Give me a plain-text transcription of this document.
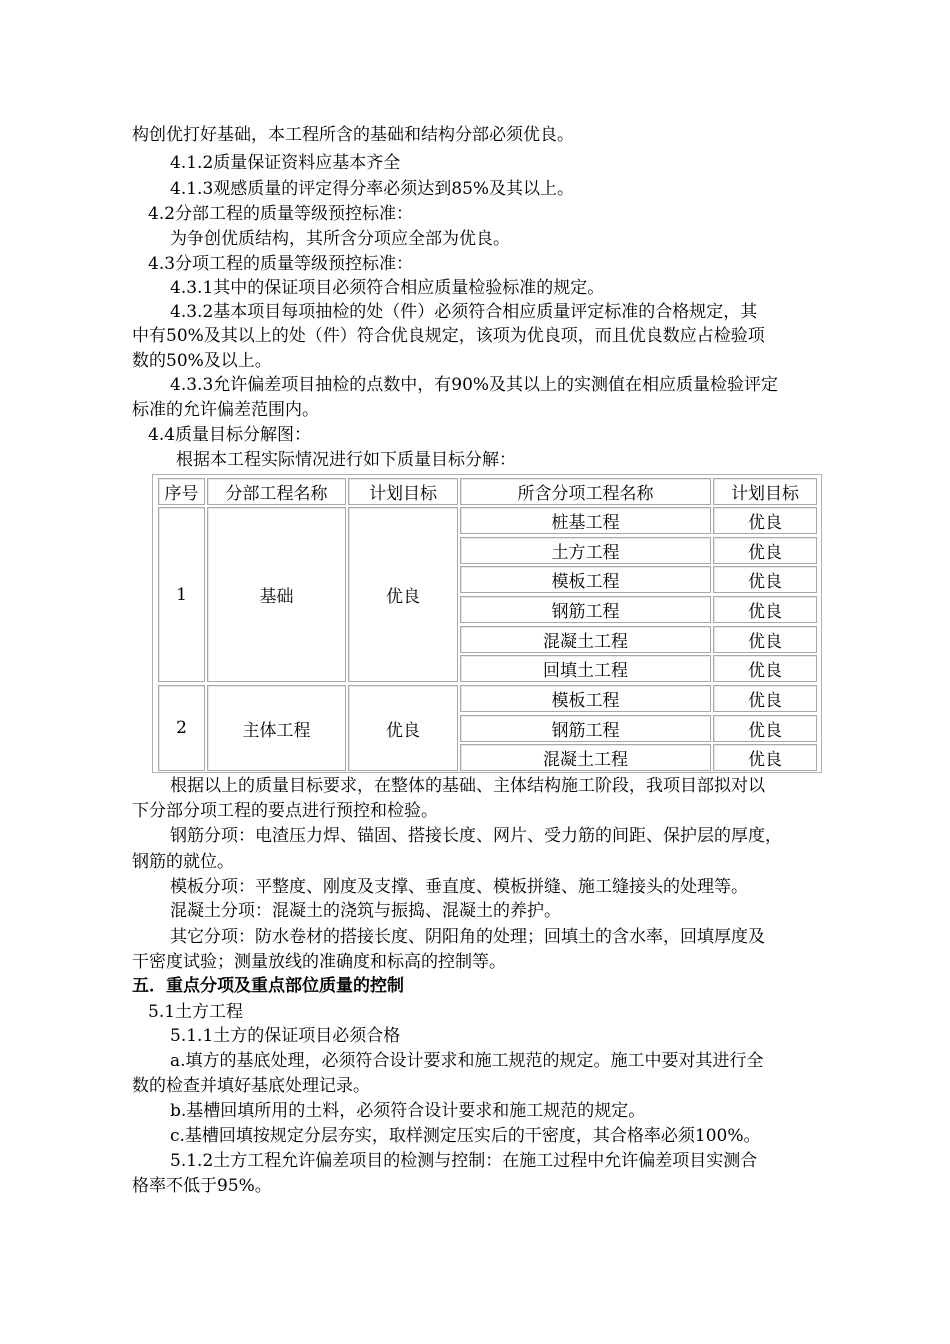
构创优打好基础，本工程所含的基础和结构分部必须优良。
4.1.2质量保证资料应基本齐全
4.1.3观感质量的评定得分率必须达到85%及其以上。
4.2分部工程的质量等级预控标准：
为争创优质结构，其所含分项应全部为优良。
4.3分项工程的质量等级预控标准：
4.3.1其中的保证项目必须符合相应质量检验标准的规定。
4.3.2基本项目每项抽检的处（件）必须符合相应质量评定标准的合格规定，其
中有50%及其以上的处（件）符合优良规定，该项为优良项，而且优良数应占检验项
数的50%及以上。
4.3.3允许偏差项目抽检的点数中，有90%及其以上的实测值在相应质量检验评定
标准的允许偏差范围内。
4.4质量目标分解图：
根据本工程实际情况进行如下质量目标分解：
序号	分部工程名称	计划目标	所含分项工程名称	计划目标
1	基础	优良
桩基工程	优良
土方工程	优良
模板工程	优良
钢筋工程	优良
混凝土工程	优良
回填土工程	优良
2	主体工程	优良
模板工程	优良
钢筋工程	优良
混凝土工程	优良
根据以上的质量目标要求，在整体的基础、主体结构施工阶段，我项目部拟对以
下分部分项工程的要点进行预控和检验。
钢筋分项：电渣压力焊、锚固、搭接长度、网片、受力筋的间距、保护层的厚度，
钢筋的就位。
模板分项：平整度、刚度及支撑、垂直度、模板拼缝、施工缝接头的处理等。
混凝土分项：混凝土的浇筑与振捣、混凝土的养护。
其它分项：防水卷材的搭接长度、阴阳角的处理；回填土的含水率，回填厚度及
干密度试验；测量放线的准确度和标高的控制等。
五．重点分项及重点部位质量的控制
5.1土方工程
5.1.1土方的保证项目必须合格
a.填方的基底处理，必须符合设计要求和施工规范的规定。施工中要对其进行全
数的检查并填好基底处理记录。
b.基槽回填所用的土料，必须符合设计要求和施工规范的规定。
c.基槽回填按规定分层夯实，取样测定压实后的干密度，其合格率必须100%。
5.1.2土方工程允许偏差项目的检测与控制：在施工过程中允许偏差项目实测合
格率不低于95%。
